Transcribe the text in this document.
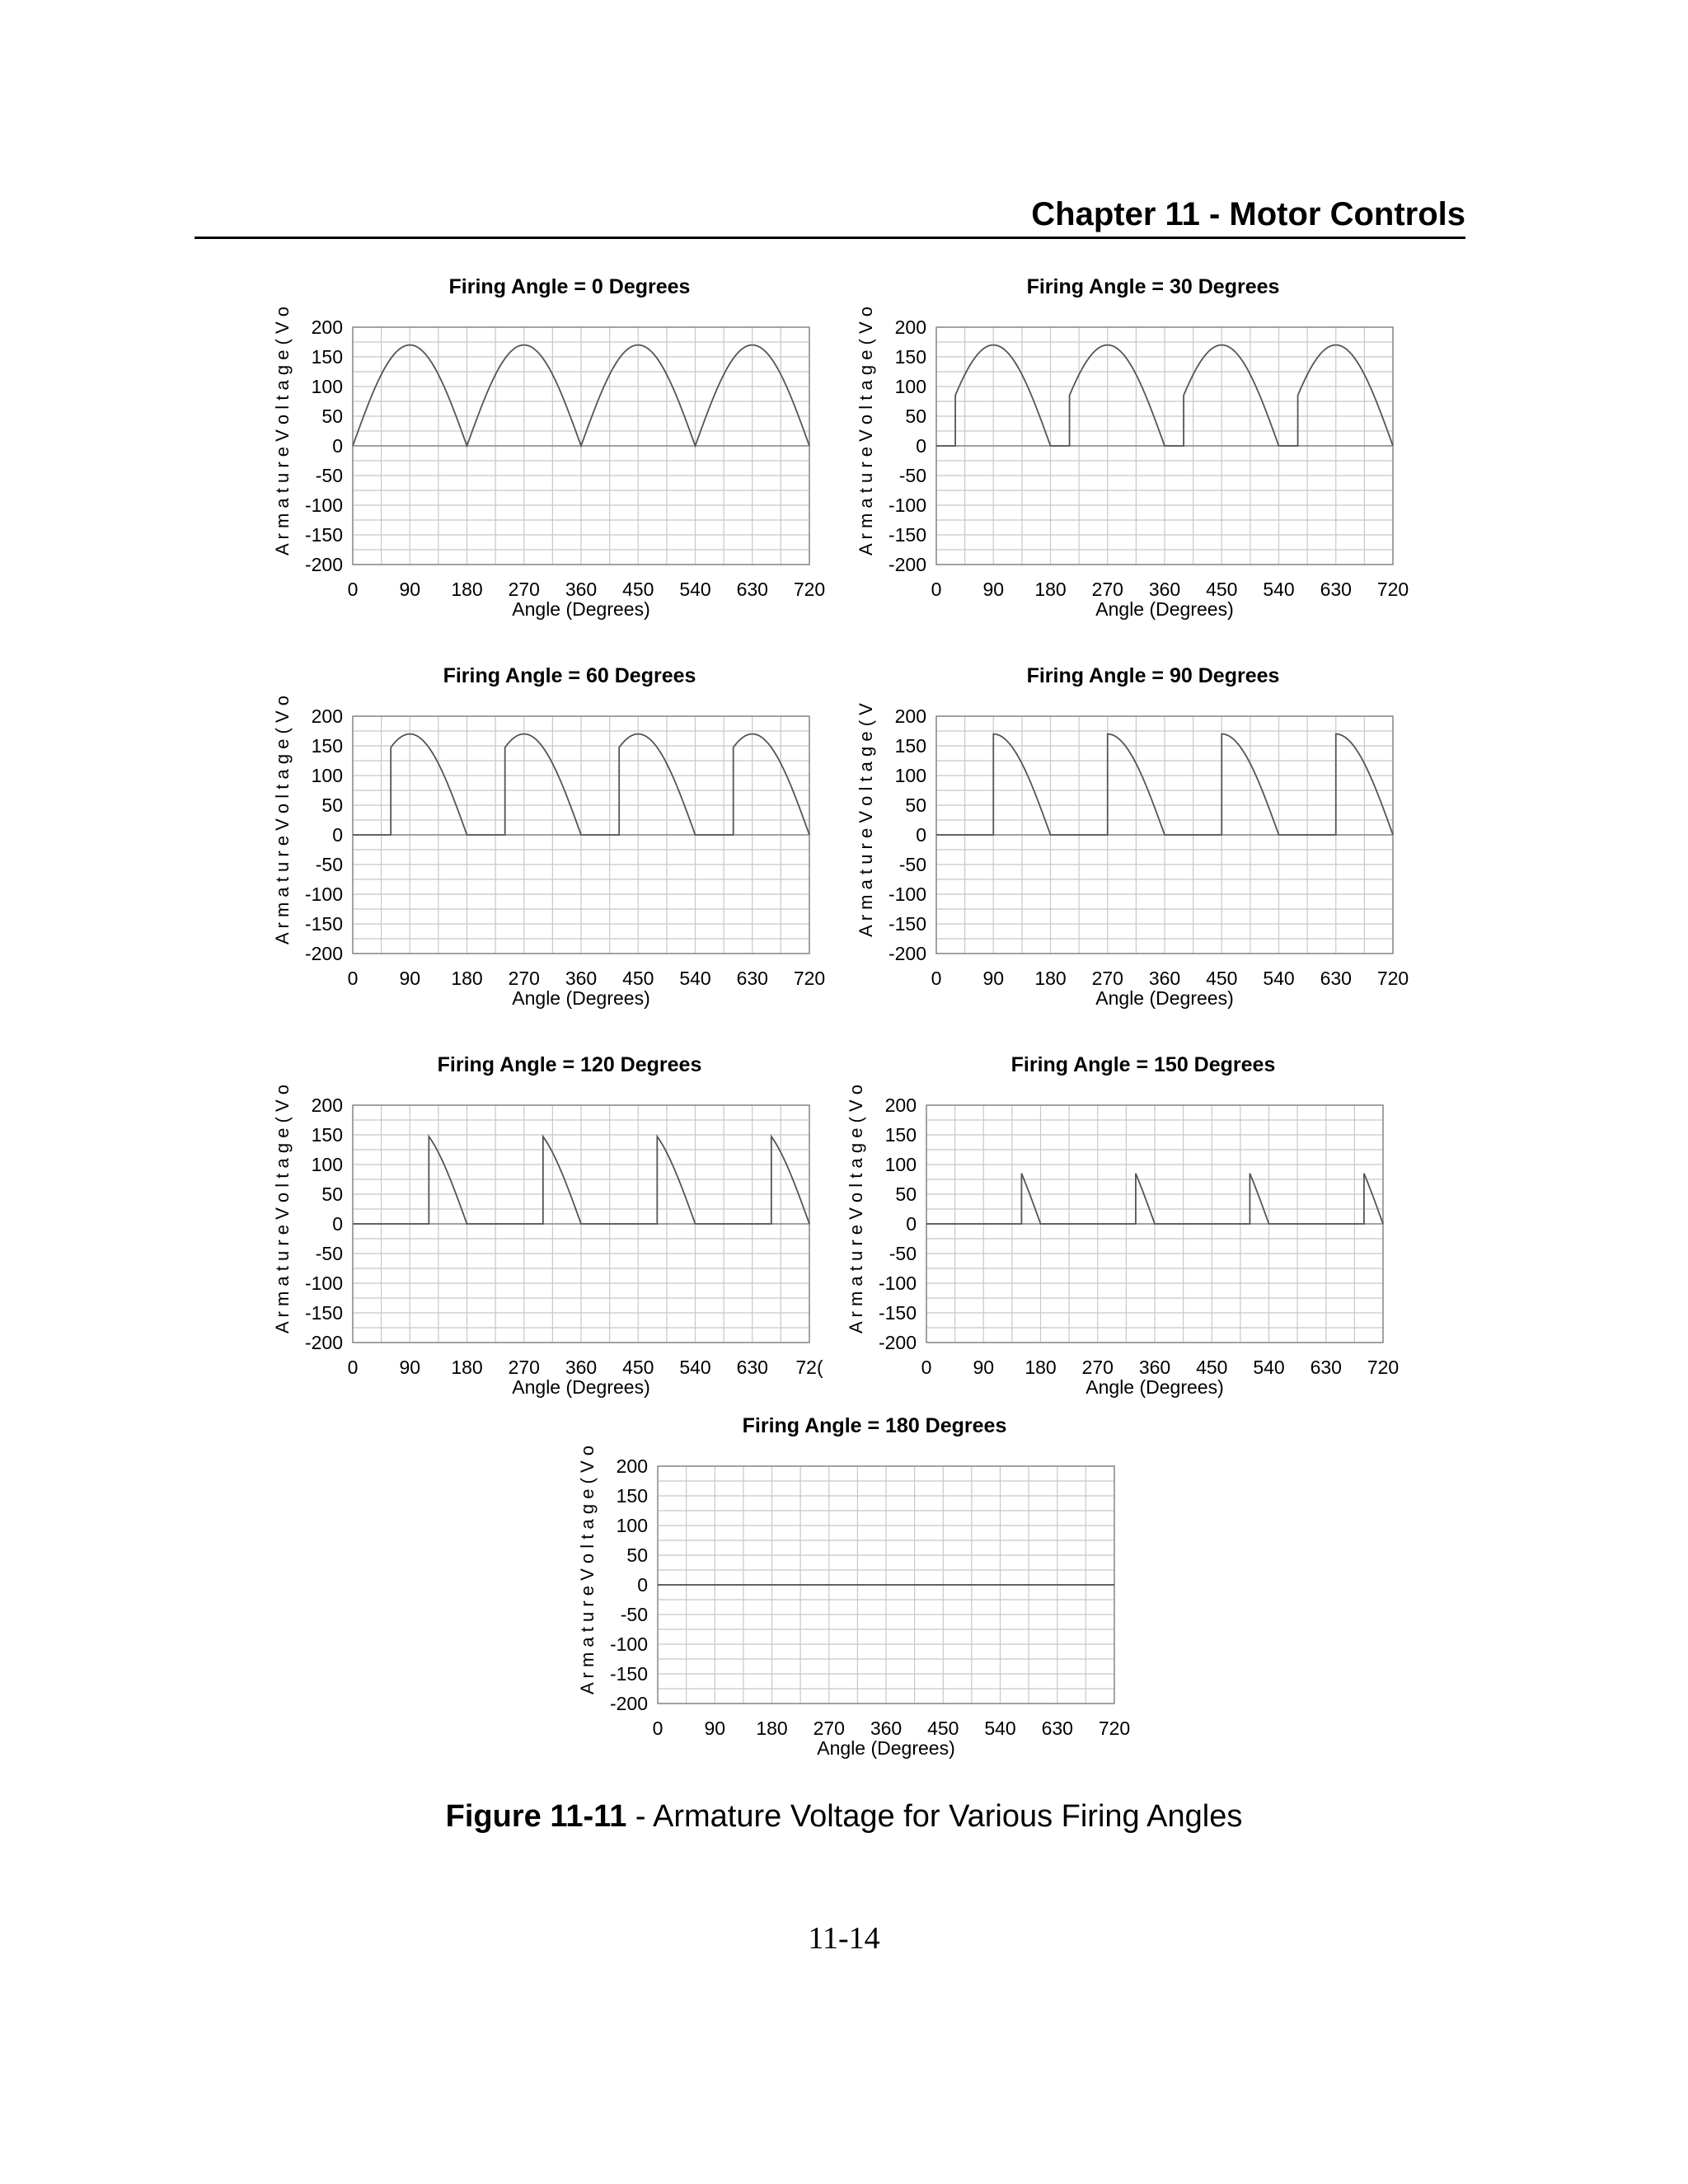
Chapter 11 - Motor Controls
0 90 180 270 360 450 540 630 720
200
150
100
50
0
-50
-100
-150
-200
Firing Angle = 0 Degrees
Angle (Degrees)
A r m a t u r e V o l t a g e ( V o
0 90 180 270 360 450 540 630 720
200
150
100
50
0
-50
-100
-150
-200
Firing Angle = 30 Degrees
Angle (Degrees)
A r m a t u r e V o l t a g e ( V o
0 90 180 270 360 450 540 630 720
200
150
100
50
0
-50
-100
-150
-200
Firing Angle = 60 Degrees
Angle (Degrees)
A r m a t u r e V o l t a g e ( V o
0 90 180 270 360 450 540 630 720
200
150
100
50
0
-50
-100
-150
-200
Firing Angle = 90 Degrees
Angle (Degrees)
A r m a t u r e V o l t a g e ( V
0 90 180 270 360 450 540 630 72(
200
150
100
50
0
-50
-100
-150
-200
Firing Angle = 120 Degrees
Angle (Degrees)
A r m a t u r e V o l t a g e ( V o
0 90 180 270 360 450 540 630 720
200
150
100
50
0
-50
-100
-150
-200
Firing Angle = 150 Degrees
Angle (Degrees)
A r m a t u r e V o l t a g e ( V o
0 90 180 270 360 450 540 630 720
200
150
100
50
0
-50
-100
-150
-200
Firing Angle = 180 Degrees
Angle (Degrees)
A r m a t u r e V o l t a g e ( V o
Figure 11-11 - Armature Voltage for Various Firing Angles
11-14
